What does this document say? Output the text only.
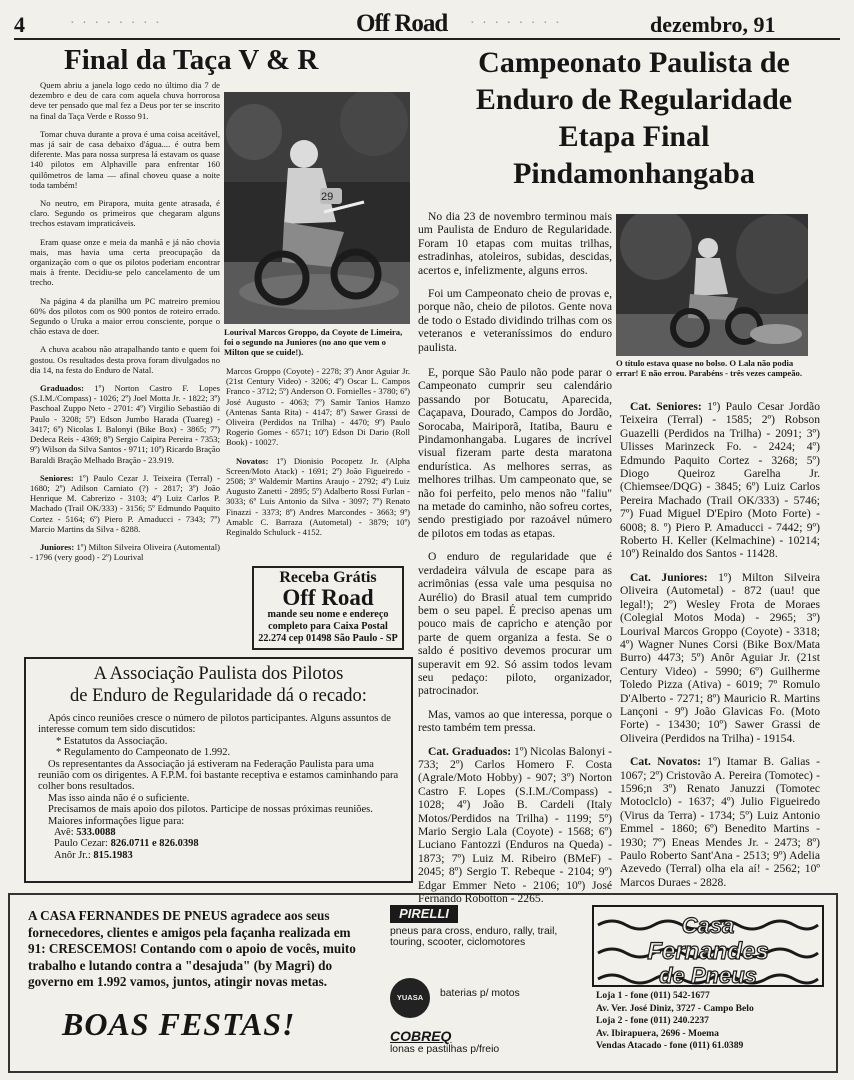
4	· · · · · · · ·	Off Road · · · · · · · ·	dezembro, 91
Final da Taça V & R

Quem abriu a janela logo cedo no último dia 7 de dezembro e deu de cara com aquela chuva horrorosa deve ter pensado que mal fez a Deus por ter se inscrito na final da Taça Verde e Rosso 91.

Tomar chuva durante a prova é uma coisa aceitável, mas já sair de casa debaixo d'água.... é outra bem diferente. Mas para nossa surpresa lá estavam os quase 140 pilotos em Alphaville para enfrentar 160 quilômetros de lama — afinal choveu quase a noite toda também!

No neutro, em Pirapora, muita gente atrasada, é claro. Segundo os primeiros que chegaram alguns trechos estavam impraticáveis.

Eram quase onze e meia da manhã e já não chovia mais, mas havia uma certa preocupação da organização com o que os pilotos poderiam encontrar mais à frente. Decidiu-se pelo cancelamento de um trecho.

Na página 4 da planilha um PC matreiro premiou 60% dos pilotos com os 900 pontos de roteiro errado. Segundo o Uruka a maior errou consciente, porque o chão estava de doer.

A chuva acabou não atrapalhando tanto e quem foi gostou. Os resultados desta prova foram divulgados no dia 14, na festa do Enduro de Natal.

Graduados: 1º) Norton Castro F. Lopes (S.I.M./Compass) - 1026; 2º) Joel Motta Jr. - 1822; 3º) Paschoal Zuppo Neto - 2701: 4º) Virgilio Sebastião di Paulo - 3208; 5º) Edson Jumbo Harada (Tuareg) - 3417; 6º) Nicolas I. Balonyi (Bike Box) - 3865; 7º) Dedeca Reis - 4369; 8º) Sergio Caipira Pereira - 7353; 9º) Wilson da Silva Santos - 9711; 10º) Ricardo Bração Baraldi Bração Melhado Bração - 23.919.

Seniores: 1º) Paulo Cezar J. Teixeira (Terral) - 1680; 2º) Adilson Carniato (?) - 2817; 3º) João Henrique M. Cabrerizo - 3103; 4º) Luiz Carlos P. Machado (Trail OK/333) - 3156; 5º Edmundo Paquito Cortez - 5164; 6º) Piero P. Amaducci - 7343; 7º) Marcio Martins da Silva - 8288.

Juniores: 1º) Milton Silveira Oliveira (Automental) - 1796 (very good) - 2º) Lourival

29
Lourival Marcos Groppo, da Coyote de Limeira, foi o segundo na Juniores (no ano que vem o Milton que se cuide!).

Marcos Groppo (Coyote) - 2278; 3º) Anor Aguiar Jr. (21st Century Video) - 3206; 4º) Oscar L. Campos Franco - 3712; 5º) Anderson O. Fornielles - 3780; 6º) José Augusto - 4063; 7º) Samir Tanios Hamzo (Antenas Santa Rita) - 4147; 8º) Sawer Grassi de Oliveira (Perdidos na Trilha) - 4470; 9º) Paulo Rogerio Gomes - 6571; 10º) Edson Di Dario (Roll Book) - 10027.

Novatos: 1º) Dionisio Pocopetz Jr. (Alpha Screen/Moto Atack) - 1691; 2º) João Figueiredo - 2508; 3º Waldemir Martins Araujo - 2792; 4º) Luiz Augusto Zanetti - 2895; 5º) Adalberto Rossi Furlan - 3033; 6º Luis Antonio da Silva - 3097; 7º) Renato Finazzi - 3373; 8º) Andres Marcondes - 3663; 9º) Amablc C. Barraza (Autometal) - 3879; 10º) Reginaldo Schuluck - 4152.

Receba Grátis
Off Road
mande seu nome e endereço completo para Caixa Postal 22.274 cep 01498 São Paulo - SP
A Associação Paulista dos Pilotos
de Enduro de Regularidade dá o recado:
Após cinco reuniões cresce o número de pilotos participantes. Alguns assuntos de interesse comum tem sido discutidos:
* Estatutos da Associação.
* Regulamento do Campeonato de 1.992.
Os representantes da Associação já estiveram na Federação Paulista para uma reunião com os dirigentes. A F.P.M. foi bastante receptiva e estamos caminhando para colher bons resultados.
Mas isso ainda não é o suficiente.
Precisamos de mais apoio dos pilotos. Participe de nossas próximas reuniões.
Maiores informações ligue para:
Avê: 533.0088
Paulo Cezar: 826.0711 e 826.0398
Anôr Jr.: 815.1983
Campeonato Paulista de
Enduro de Regularidade
Etapa Final
Pindamonhangaba

No dia 23 de novembro terminou mais um Paulista de Enduro de Regularidade. Foram 10 etapas com muitas trilhas, estradinhas, atoleiros, subidas, descidas, acertos e, infelizmente, alguns erros.

Foi um Campeonato cheio de provas e, porque não, cheio de pilotos. Gente nova de todo o Estado dividindo trilhas com os veteranos e veteraníssimos do enduro paulista.

O título estava quase no bolso. O Lala não podia errar! E não errou. Parabéns - três vezes campeão.

E, porque São Paulo não pode parar o Campeonato cumprir seu calendário passando por Botucatu, Aparecida, Caçapava, Dourado, Campos do Jordão, Sorocaba, Mairiporã, Itatiba, Bauru e Pindamonhangaba. Lugares de incrível visual fizeram parte desta maratona endurística. As melhores serras, as melhores trilhas. Um campeonato que, se não foi perfeito, pelo menos não "faliu" na metade do caminho, não sofreu cortes, sendo prestigiado por razoável número de pilotos em todas as etapas.

O enduro de regularidade que é verdadeira válvula de escape para as acrimônias (essa vale uma pesquisa no Aurélio) do Brasil atual tem cumprido bem o seu papel. É preciso apenas um pouco mais de capricho e atenção por parte de quem organiza a festa. Se o saldo é positivo devemos procurar um superavit em 92. Só assim todos levam seu pedaço: piloto, organizador, patrocinador.

Mas, vamos ao que interessa, porque o resto também tem pressa.

Cat. Graduados: 1º) Nicolas Balonyi - 733; 2º) Carlos Homero F. Costa (Agrale/Moto Hobby) - 907; 3º) Norton Castro F. Lopes (S.I.M./Compass) - 1028; 4º) João B. Cardeli (Italy Motos/Perdidos na Trilha) - 1199; 5º) Mario Sergio Lala (Coyote) - 1568; 6º) Luciano Fantozzi (Enduros na Queda) - 1873; 7º) Luiz M. Ribeiro (BMeF) - 2045; 8º) Sergio T. Rebeque - 2104; 9º) Edgar Emmer Neto - 2106; 10º) José Fernando Robotton - 2265.

Cat. Seniores: 1º) Paulo Cesar Jordão Teixeira (Terral) - 1585; 2º) Robson Guazelli (Perdidos na Trilha) - 2091; 3º) Ulisses Marinzeck Fo. - 2424; 4º) Edmundo Paquito Cortez - 3268; 5º) Diogo Queiroz Garelha Jr. (Chiemsee/DQG) - 3845; 6º) Luiz Carlos Pereira Machado (Trail OK/333) - 5746; 7º) Fuad Miguel D'Epiro (Moto Forte) - 6008; 8. º) Piero P. Amaducci - 7442; 9º) Roberto H. Keller (Kelmachine) - 10214; 10º) Reinaldo dos Santos - 11428.

Cat. Juniores: 1º) Milton Silveira Oliveira (Autometal) - 872 (uau! que legal!); 2º) Wesley Frota de Moraes (Colegial Motos Moda) - 2965; 3º) Lourival Marcos Groppo (Coyote) - 3318; 4º) Wagner Nunes Corsi (Bike Box/Mata Burro) 4473; 5º) Anôr Aguiar Jr. (21st Century Video) - 5990; 6º) Guilherme Toledo Pizza (Ativa) - 6019; 7º Romulo D'Alberto - 7271; 8º) Mauricio R. Martins Lançoni - 9º) João Glavicas Fo. (Moto Forte) - 13430; 10º) Sawer Grassi de Oliveira (Perdidos na Trilha) - 19154.

Cat. Novatos: 1º) Itamar B. Galias - 1067; 2º) Cristovão A. Pereira (Tomotec) - 1596;n 3º) Renato Januzzi (Tomotec Motoclclo) - 1637; 4º) Julio Figueiredo (Virus da Terra) - 1734; 5º) Luiz Antonio Emmel - 1860; 6º) Benedito Martins - 1930; 7º) Eneas Mendes Jr. - 2473; 8º) Paulo Roberto Sant'Ana - 2513; 9º) Adelia Azevedo (Terral) olha ela aí! - 2562; 10º Marcos Duraes - 2828.

A CASA FERNANDES DE PNEUS agradece aos seus fornecedores, clientes e amigos pela façanha realizada em 91: CRESCEMOS! Contando com o apoio de vocês, muito trabalho e lutando contra a "desajuda" (by Magri) do governo em 1.992 vamos, juntos, atingir novas metas.
BOAS FESTAS!
PIRELLI
pneus para cross, enduro, rally, trail, touring, scooter, ciclomotores
YUASA	baterias p/ motos
COBREQ
lonas e pastilhas p/freio
Casa
Fernandes
de Pneus
Loja 1 - fone (011) 542-1677
Av. Ver. José Diniz, 3727 - Campo Belo
Loja 2 - fone (011) 240.2237
Av. Ibirapuera, 2696 - Moema
Vendas Atacado - fone (011) 61.0389
